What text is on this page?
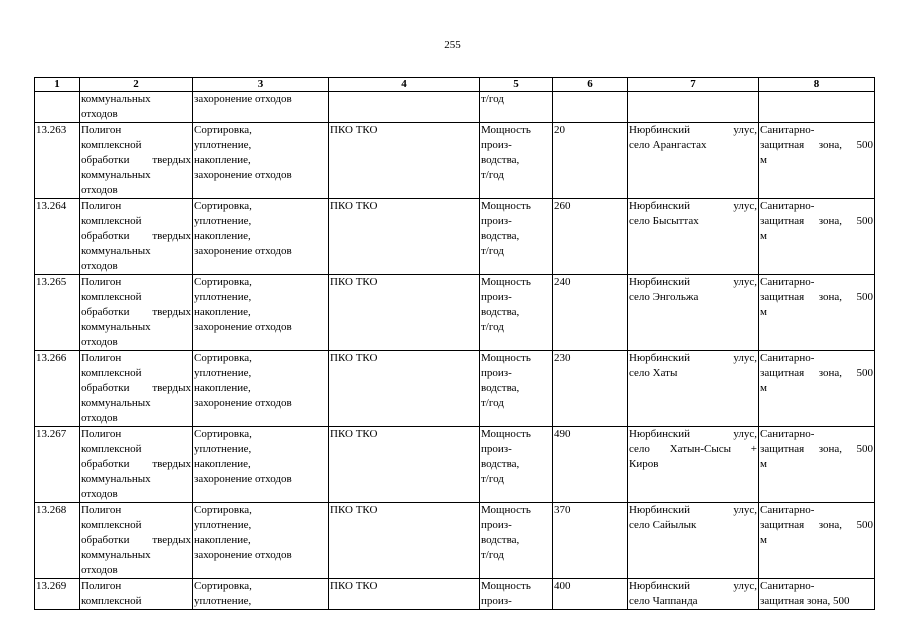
255
1	2	3	4	5	6	7	8

	коммунальных
отходов	захоронение отходов		т/год			

13.263	Полигон
комплексной
обработки твердых
коммунальных
отходов	Сортировка,
уплотнение,
накопление,
захоронение отходов	ПКО ТКО	Мощность
произ-
водства,
т/год	20	Нюрбинский улус,
село Арангастах	Санитарно-
защитная зона, 500
м

13.264	Полигон
комплексной
обработки твердых
коммунальных
отходов	Сортировка,
уплотнение,
накопление,
захоронение отходов	ПКО ТКО	Мощность
произ-
водства,
т/год	260	Нюрбинский улус,
село Бысыттах	Санитарно-
защитная зона, 500
м

13.265	Полигон
комплексной
обработки твердых
коммунальных
отходов	Сортировка,
уплотнение,
накопление,
захоронение отходов	ПКО ТКО	Мощность
произ-
водства,
т/год	240	Нюрбинский улус,
село Энгольжа	Санитарно-
защитная зона, 500
м

13.266	Полигон
комплексной
обработки твердых
коммунальных
отходов	Сортировка,
уплотнение,
накопление,
захоронение отходов	ПКО ТКО	Мощность
произ-
водства,
т/год	230	Нюрбинский улус,
село Хаты	Санитарно-
защитная зона, 500
м

13.267	Полигон
комплексной
обработки твердых
коммунальных
отходов	Сортировка,
уплотнение,
накопление,
захоронение отходов	ПКО ТКО	Мощность
произ-
водства,
т/год	490	Нюрбинский улус,
село Хатын-Сысы +
Киров	Санитарно-
защитная зона, 500
м

13.268	Полигон
комплексной
обработки твердых
коммунальных
отходов	Сортировка,
уплотнение,
накопление,
захоронение отходов	ПКО ТКО	Мощность
произ-
водства,
т/год	370	Нюрбинский улус,
село Сайылык	Санитарно-
защитная зона, 500
м

13.269	Полигон
комплексной	Сортировка,
уплотнение,	ПКО ТКО	Мощность
произ-	400	Нюрбинский улус,
село Чаппанда	Санитарно-
защитная зона, 500
